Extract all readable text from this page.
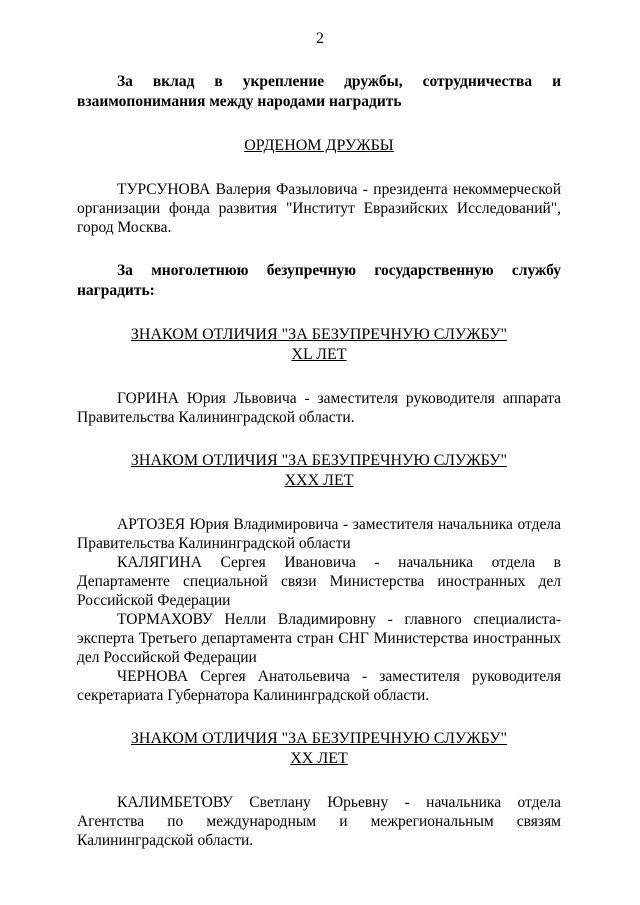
2

За вклад в укрепление дружбы, сотрудничества и взаимопонимания между народами наградить

ОРДЕНОМ ДРУЖБЫ

ТУРСУНОВА Валерия Фазыловича - президента некоммерческой организации фонда развития "Институт Евразийских Исследований", город Москва.

За многолетнюю безупречную государственную службу наградить:

ЗНАКОМ ОТЛИЧИЯ "ЗА БЕЗУПРЕЧНУЮ СЛУЖБУ"

XL ЛЕТ

ГОРИНА Юрия Львовича - заместителя руководителя аппарата Правительства Калининградской области.

ЗНАКОМ ОТЛИЧИЯ "ЗА БЕЗУПРЕЧНУЮ СЛУЖБУ"

XXX ЛЕТ

АРТОЗЕЯ Юрия Владимировича - заместителя начальника отдела Правительства Калининградской области

КАЛЯГИНА Сергея Ивановича - начальника отдела в Департаменте специальной связи Министерства иностранных дел Российской Федерации

ТОРМАХОВУ Нелли Владимировну - главного специалиста-эксперта Третьего департамента стран СНГ Министерства иностранных дел Российской Федерации

ЧЕРНОВА Сергея Анатольевича - заместителя руководителя секретариата Губернатора Калининградской области.

ЗНАКОМ ОТЛИЧИЯ "ЗА БЕЗУПРЕЧНУЮ СЛУЖБУ"

XX ЛЕТ

КАЛИМБЕТОВУ Светлану Юрьевну - начальника отдела Агентства по международным и межрегиональным связям Калининградской области.
